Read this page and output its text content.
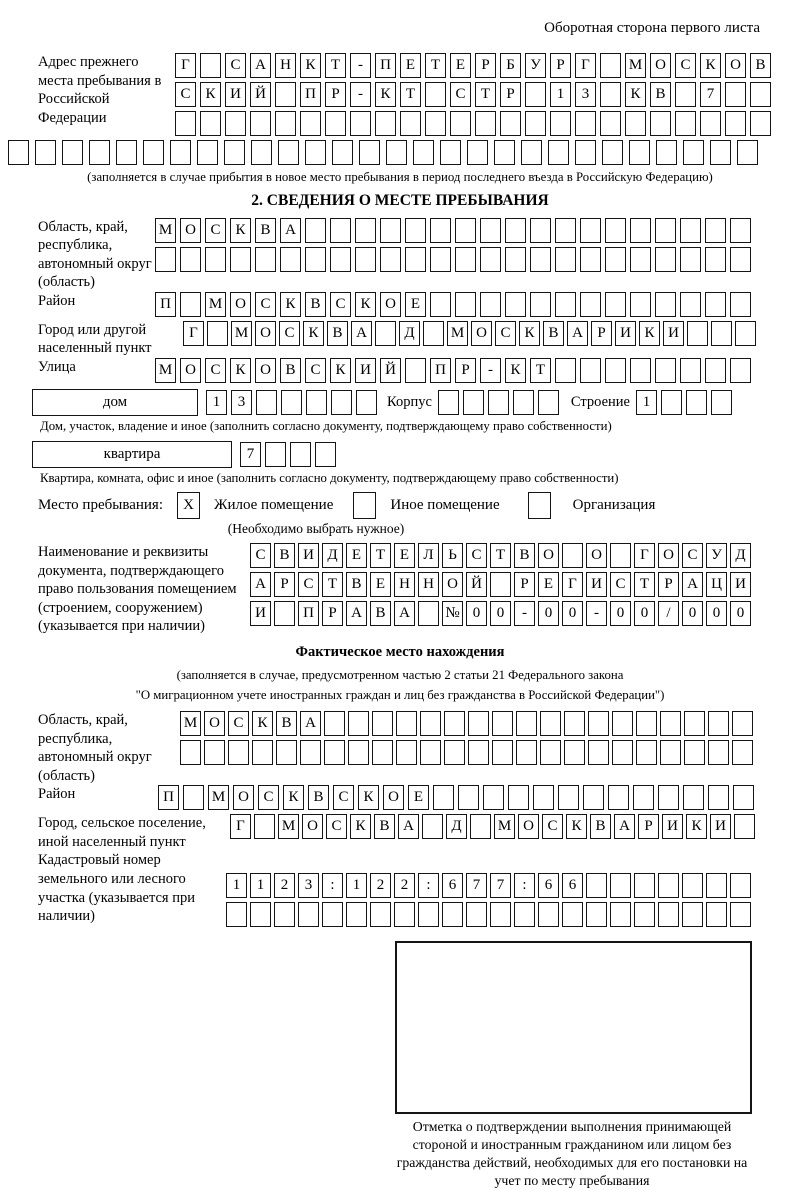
Оборотная сторона первого листа
Адрес прежнего места пребывания в Российской Федерации
Г	С А Н К	Т	-	П Е	Т	Е	Р	Б	У	Р	Г	М О С К О В
С К И Й	П	Р	-	К	Т	С	Т	Р	1	3	К В	7
(заполняется в случае прибытия в новое место пребывания в период последнего въезда в Российскую Федерацию)
2. СВЕДЕНИЯ О МЕСТЕ ПРЕБЫВАНИЯ
Область, край, республика, автономный округ (область)
М О С К В А
Район	П	М О С К В С К О Е
Город или другой населенный пункт
Г	М О С К В А	Д	М О С К В А Р И К И
Улица	М О С К О В С К И Й	П	Р	-	К	Т
дом	1	3	Корпус	Строение 1
Дом, участок, владение и иное (заполнить согласно документу, подтверждающему право собственности)
квартира	7
Квартира, комната, офис и иное (заполнить согласно документу, подтверждающему право собственности)
Место пребывания:	X	Жилое помещение	Иное помещение	Организация
(Необходимо выбрать нужное)
Наименование и реквизиты документа, подтверждающего право пользования помещением (строением, сооружением) (указывается при наличии)
С В И Д Е Т Е Л Ь С Т В О	О	Г О С У Д
А Р С Т В Е Н Н О Й	Р	Е	Г И С Т	Р А Ц И
И	П Р А В А	№ 0	0	-	0	0	-	0	0	/	0	0	0
Фактическое место нахождения
(заполняется в случае, предусмотренном частью 2 статьи 21 Федерального закона
"О миграционном учете иностранных граждан и лиц без гражданства в Российской Федерации")
Область, край, республика, автономный округ (область)
М О С К В А
Район	П	М О С К В С К О Е
Город, сельское поселение, иной населенный пункт
Г	М О С К В А	Д	М О С К В А Р И К И
Кадастровый номер земельного или лесного участка (указывается при наличии)
1	1	2	3	:	1	2	2	:	6	7	7	:	6	6
Отметка о подтверждении выполнения принимающей стороной и иностранным гражданином или лицом без гражданства действий, необходимых для его постановки на учет по месту пребывания
